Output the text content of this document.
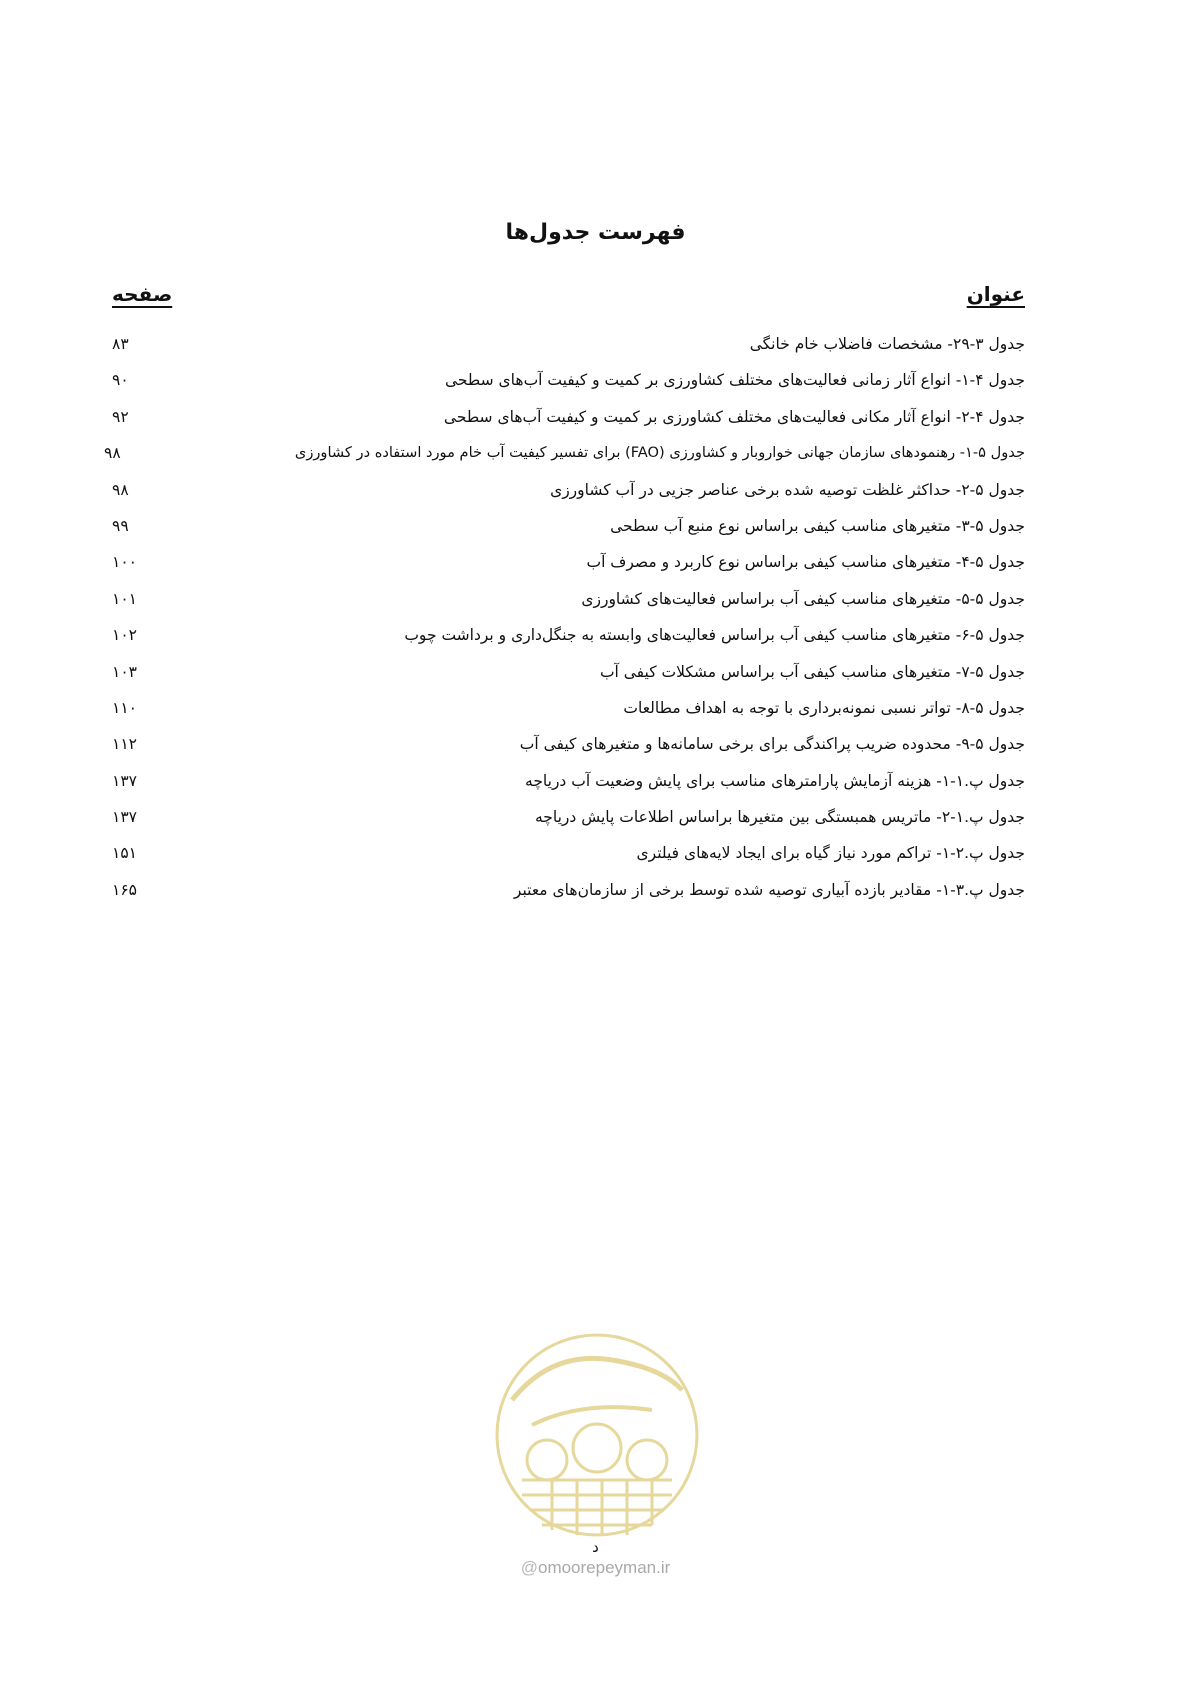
فهرست جدول‌ها
عنوان
صفحه
جدول ۳-۲۹- مشخصات فاضلاب خام خانگی
۸۳
جدول ۴-۱- انواع آثار زمانی فعالیت‌های مختلف کشاورزی بر کمیت و کیفیت آب‌های سطحی
۹۰
جدول ۴-۲- انواع آثار مکانی فعالیت‌های مختلف کشاورزی بر کمیت و کیفیت آب‌های سطحی
۹۲
جدول ۵-۱- رهنمودهای سازمان جهانی خواروبار و کشاورزی (FAO) برای تفسیر کیفیت آب خام مورد استفاده در کشاورزی
۹۸
جدول ۵-۲- حداکثر غلظت توصیه شده برخی عناصر جزیی در آب کشاورزی
۹۸
جدول ۵-۳- متغیرهای مناسب کیفی براساس نوع منبع آب سطحی
۹۹
جدول ۵-۴- متغیرهای مناسب کیفی براساس نوع کاربرد و مصرف آب
۱۰۰
جدول ۵-۵- متغیرهای مناسب کیفی آب براساس فعالیت‌های کشاورزی
۱۰۱
جدول ۵-۶- متغیرهای مناسب کیفی آب براساس فعالیت‌های وابسته به جنگل‌داری و برداشت چوب
۱۰۲
جدول ۵-۷- متغیرهای مناسب کیفی آب براساس مشکلات کیفی آب
۱۰۳
جدول ۵-۸- تواتر نسبی نمونه‌برداری با توجه به اهداف مطالعات
۱۱۰
جدول ۵-۹- محدوده ضریب پراکندگی برای برخی سامانه‌ها و متغیرهای کیفی آب
۱۱۲
جدول پ.۱-۱- هزینه آزمایش پارامترهای مناسب برای پایش وضعیت آب دریاچه
۱۳۷
جدول پ.۱-۲- ماتریس همبستگی بین متغیرها براساس اطلاعات پایش دریاچه
۱۳۷
جدول پ.۲-۱- تراکم مورد نیاز گیاه برای ایجاد لایه‌های فیلتری
۱۵۱
جدول پ.۳-۱- مقادیر بازده آبیاری توصیه شده توسط برخی از سازمان‌های معتبر
۱۶۵
د
@omoorepeyman.ir
